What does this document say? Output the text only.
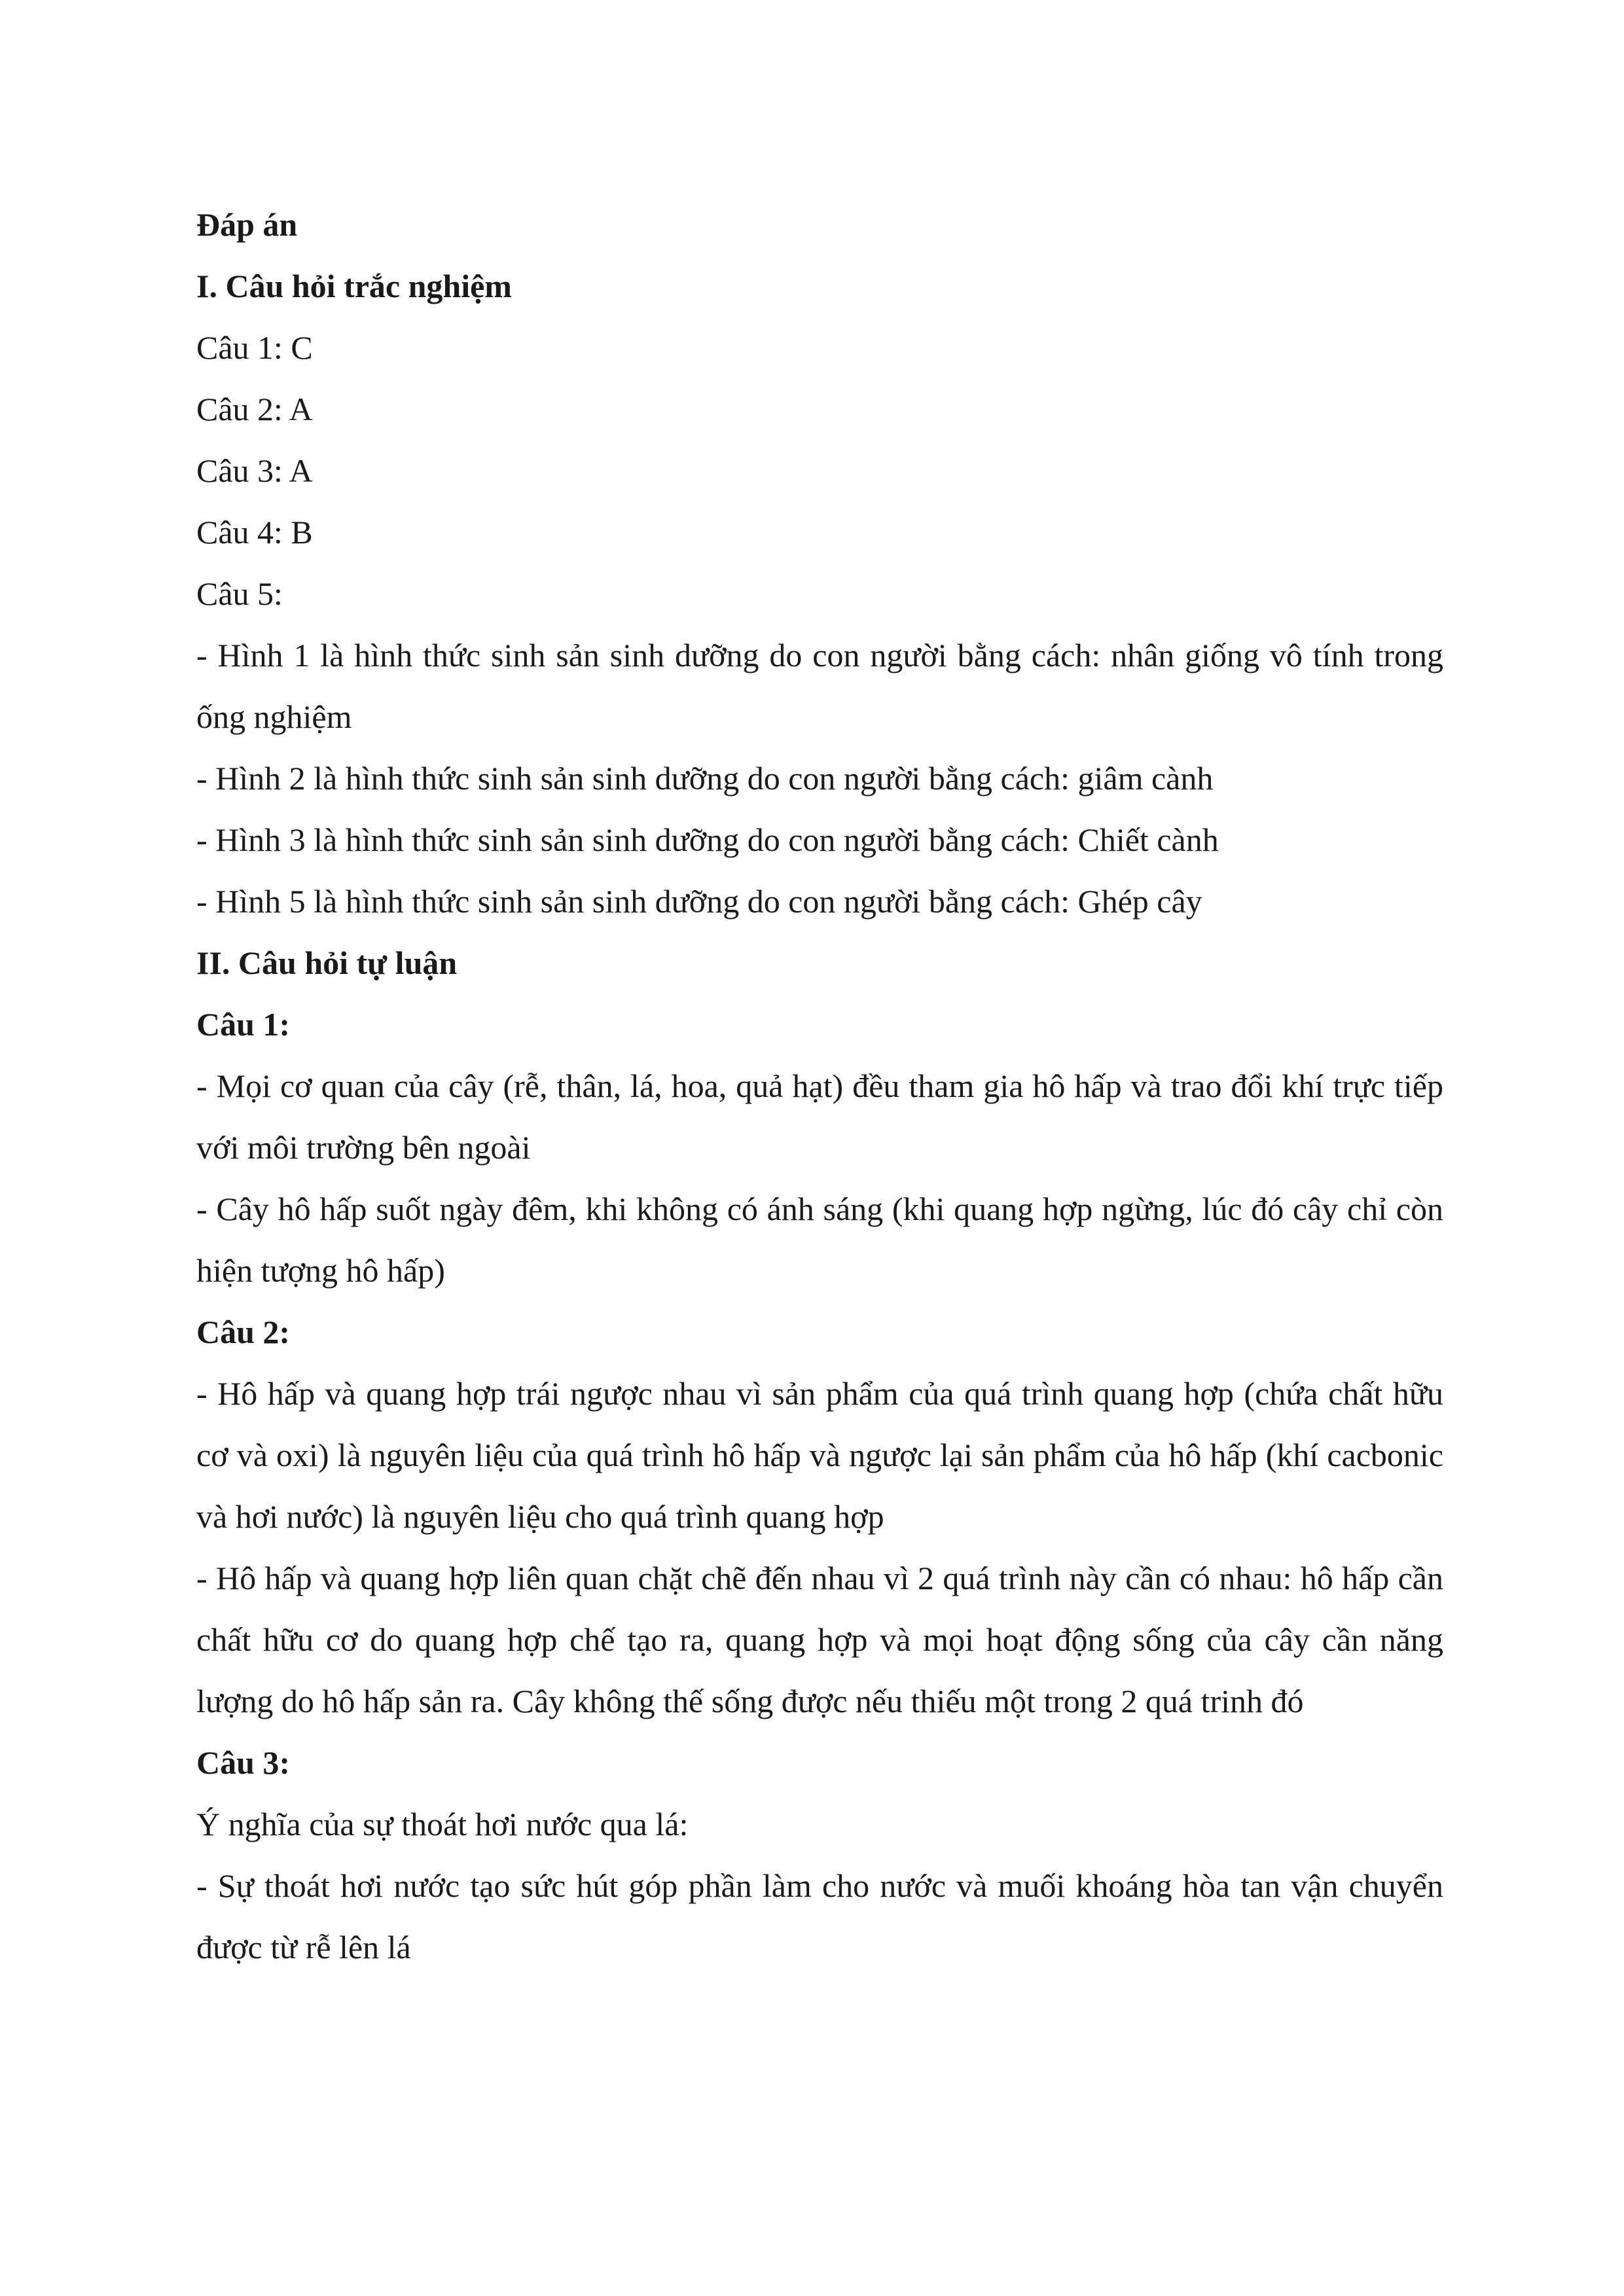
Đáp án
I. Câu hỏi trắc nghiệm
Câu 1: C
Câu 2: A
Câu 3: A
Câu 4: B
Câu 5:
- Hình 1 là hình thức sinh sản sinh dưỡng do con người bằng cách: nhân giống vô tính trong ống nghiệm
- Hình 2 là hình thức sinh sản sinh dưỡng do con người bằng cách: giâm cành
- Hình 3 là hình thức sinh sản sinh dưỡng do con người bằng cách: Chiết cành
- Hình 5 là hình thức sinh sản sinh dưỡng do con người bằng cách: Ghép cây
II. Câu hỏi tự luận
Câu 1:
- Mọi cơ quan của cây (rễ, thân, lá, hoa, quả hạt) đều tham gia hô hấp và trao đổi khí trực tiếp với môi trường bên ngoài
- Cây hô hấp suốt ngày đêm, khi không có ánh sáng (khi quang hợp ngừng, lúc đó cây chỉ còn hiện tượng hô hấp)
Câu 2:
- Hô hấp và quang hợp trái ngược nhau vì sản phẩm của quá trình quang hợp (chứa chất hữu cơ và oxi) là nguyên liệu của quá trình hô hấp và ngược lại sản phẩm của hô hấp (khí cacbonic và hơi nước) là nguyên liệu cho quá trình quang hợp
- Hô hấp và quang hợp liên quan chặt chẽ đến nhau vì 2 quá trình này cần có nhau: hô hấp cần chất hữu cơ do quang hợp chế tạo ra, quang hợp và mọi hoạt động sống của cây cần năng lượng do hô hấp sản ra. Cây không thế sống được nếu thiếu một trong 2 quá trinh đó
Câu 3:
Ý nghĩa của sự thoát hơi nước qua lá:
- Sự thoát hơi nước tạo sức hút góp phần làm cho nước và muối khoáng hòa tan vận chuyển được từ rễ lên lá
